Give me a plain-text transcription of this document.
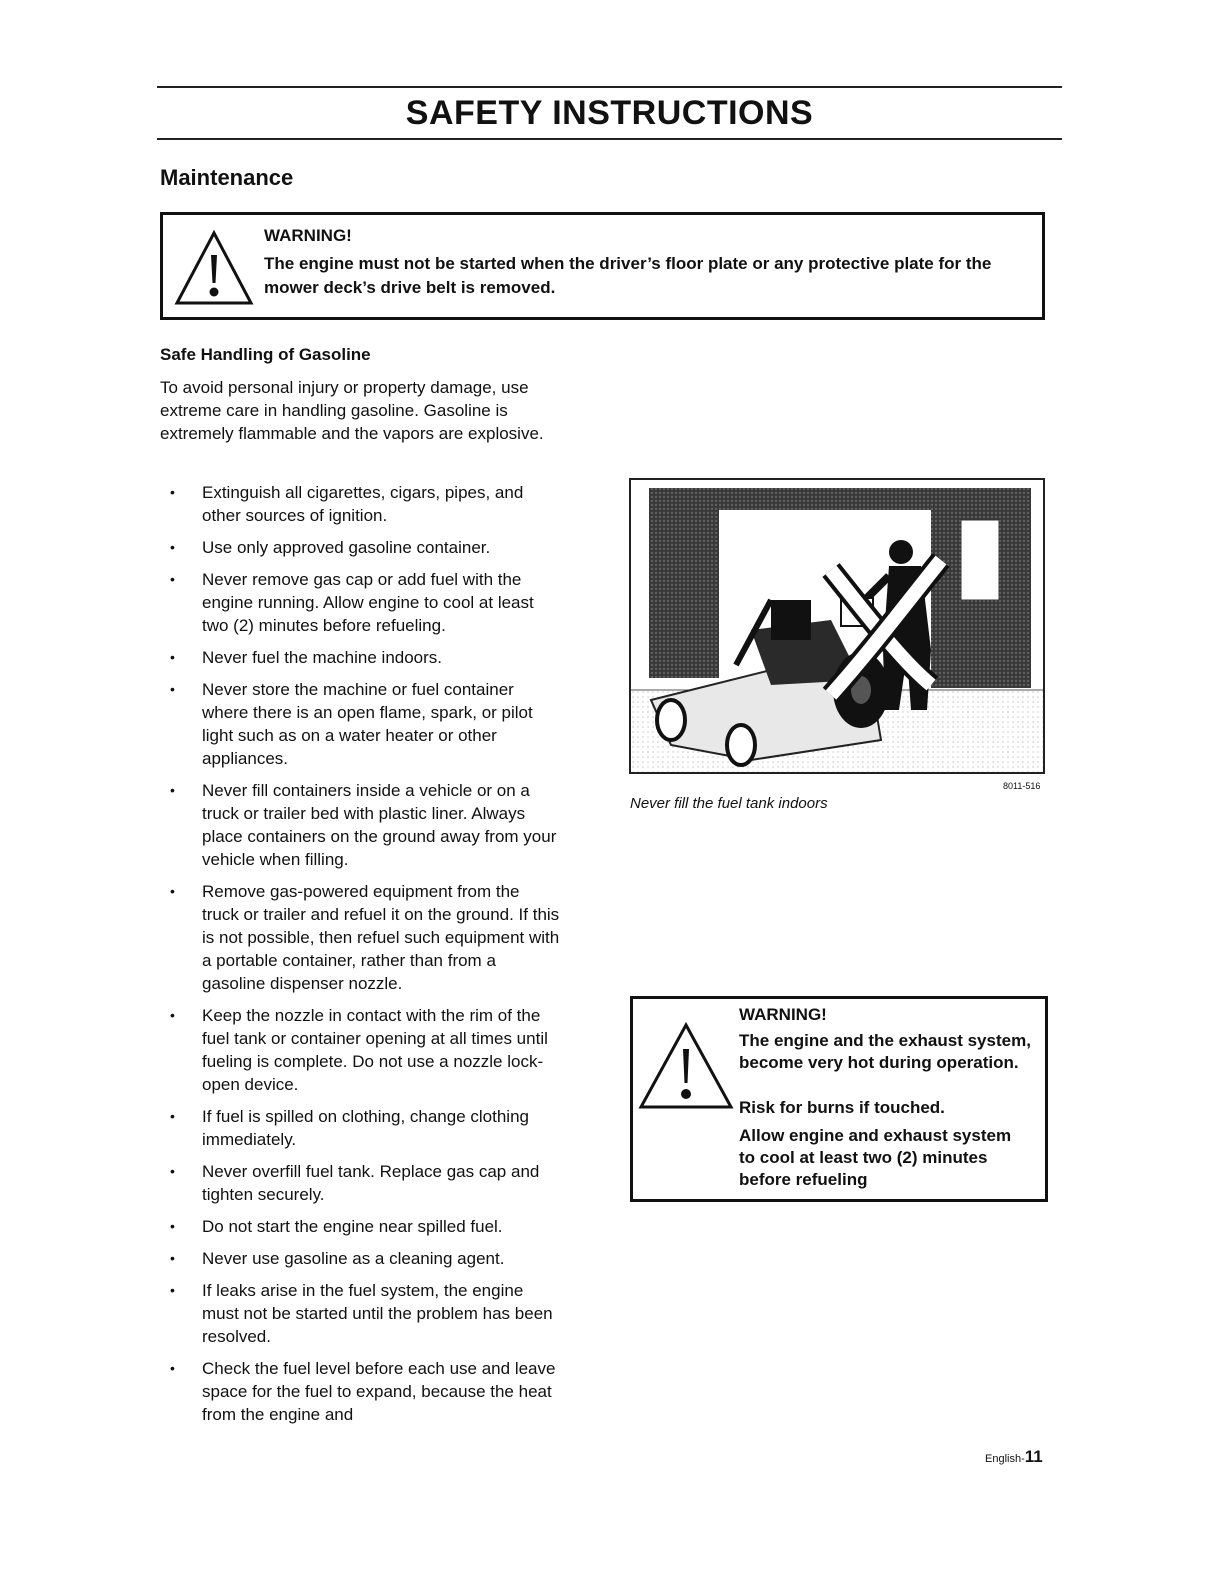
SAFETY INSTRUCTIONS
Maintenance
WARNING!
The engine must not be started when the driver’s floor plate or any protective plate for the mower deck’s drive belt is removed.
Safe Handling of Gasoline
To avoid personal injury or property damage, use extreme care in handling gasoline. Gasoline is extremely flammable and the vapors are explosive.
• Extinguish all cigarettes, cigars, pipes, and other sources of ignition.
• Use only approved gasoline container.
• Never remove gas cap or add fuel with the engine running. Allow engine to cool at least two (2) minutes before refueling.
• Never fuel the machine indoors.
• Never store the machine or fuel container where there is an open flame, spark, or pilot light such as on a water heater or other appliances.
• Never fill containers inside a vehicle or on a truck or trailer bed with plastic liner. Always place containers on the ground away from your vehicle when filling.
• Remove gas-powered equipment from the truck or trailer and refuel it on the ground. If this is not possible, then refuel such equipment with a portable container, rather than from a gasoline dispenser nozzle.
• Keep the nozzle in contact with the rim of the fuel tank or container opening at all times until fueling is complete. Do not use a nozzle lock-open device.
• If fuel is spilled on clothing, change clothing immediately.
• Never overfill fuel tank. Replace gas cap and tighten securely.
• Do not start the engine near spilled fuel.
• Never use gasoline as a cleaning agent.
• If leaks arise in the fuel system, the engine must not be started until the problem has been resolved.
• Check the fuel level before each use and leave space for the fuel to expand, because the heat from the engine and
8011-516
Never fill the fuel tank indoors
WARNING!
The engine and the exhaust system, become very hot during operation.
Risk for burns if touched.
Allow engine and exhaust system to cool at least two (2) minutes before refueling
English-11
